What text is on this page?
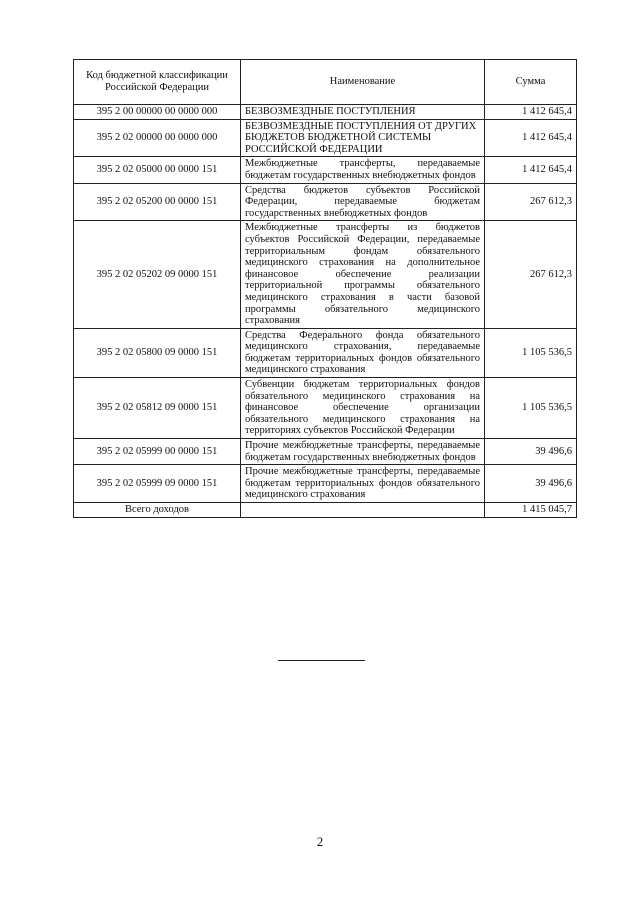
Код бюджетной классификации Российской Федерации	Наименование	Сумма
395 2 00 00000 00 0000 000	БЕЗВОЗМЕЗДНЫЕ ПОСТУПЛЕНИЯ	1 412 645,4
395 2 02 00000 00 0000 000	БЕЗВОЗМЕЗДНЫЕ ПОСТУПЛЕНИЯ ОТ ДРУГИХ БЮДЖЕТОВ БЮДЖЕТНОЙ СИСТЕМЫ РОССИЙСКОЙ ФЕДЕРАЦИИ	1 412 645,4
395 2 02 05000 00 0000 151	Межбюджетные трансферты, передаваемые бюджетам государственных внебюджетных фондов	1 412 645,4
395 2 02 05200 00 0000 151	Средства бюджетов субъектов Российской Федерации, передаваемые бюджетам государственных внебюджетных фондов	267 612,3
395 2 02 05202 09 0000 151	Межбюджетные трансферты из бюджетов субъектов Российской Федерации, передаваемые территориальным фондам обязательного медицинского страхования на дополнительное финансовое обеспечение реализации территориальной программы обязательного медицинского страхования в части базовой программы обязательного медицинского страхования	267 612,3
395 2 02 05800 09 0000 151	Средства Федерального фонда обязательного медицинского страхования, передаваемые бюджетам территориальных фондов обязательного медицинского страхования	1 105 536,5
395 2 02 05812 09 0000 151	Субвенции бюджетам территориальных фондов обязательного медицинского страхования на финансовое обеспечение организации обязательного медицинского страхования на территориях субъектов Российской Федерации	1 105 536,5
395 2 02 05999 00 0000 151	Прочие межбюджетные трансферты, передаваемые бюджетам государственных внебюджетных фондов	39 496,6
395 2 02 05999 09 0000 151	Прочие межбюджетные трансферты, передаваемые бюджетам территориальных фондов обязательного медицинского страхования	39 496,6
Всего доходов		1 415 045,7
2
